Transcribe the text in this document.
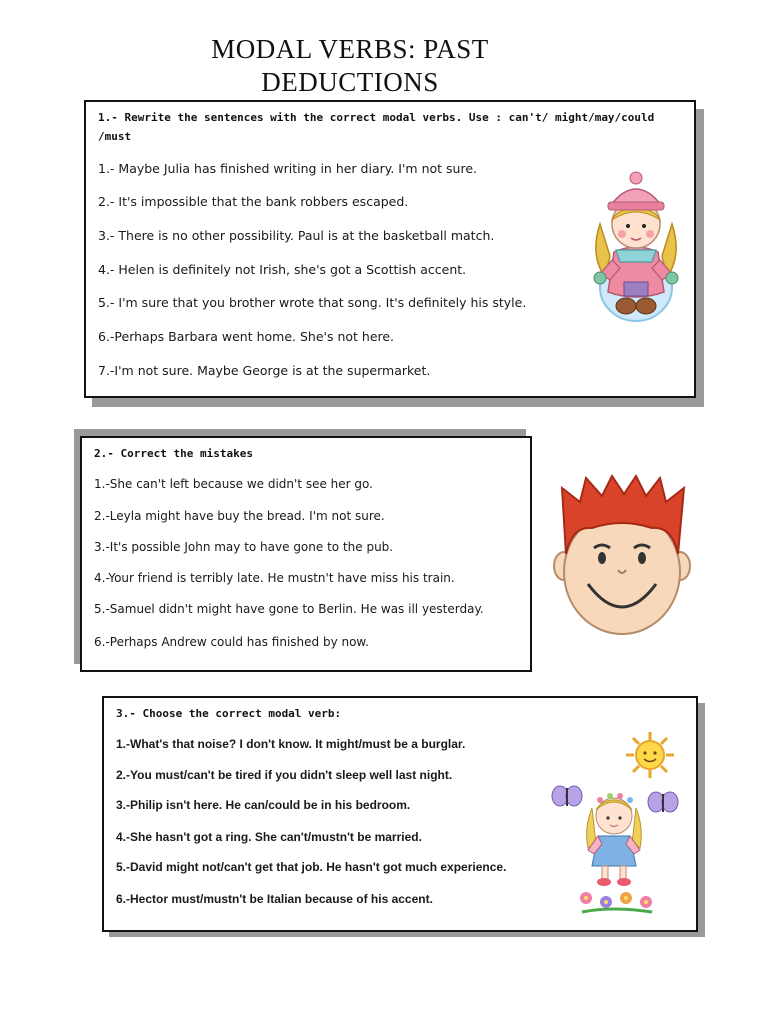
MODAL VERBS: PAST
DEDUCTIONS
1.- Rewrite the sentences with the correct modal verbs. Use : can't/ might/may/could
/must
1.- Maybe Julia has finished writing in her diary. I'm not sure.
2.- It's impossible that the bank robbers escaped.
3.- There is no other possibility. Paul is at the basketball match.
4.- Helen is definitely not Irish, she's got a Scottish accent.
5.- I'm sure that you brother wrote that song. It's definitely his style.
6.-Perhaps Barbara went home. She's not here.
7.-I'm not sure. Maybe George is at the supermarket.
2.- Correct the mistakes
1.-She can't left because we didn't see her go.
2.-Leyla might have buy the bread. I'm not sure.
3.-It's possible John may to have gone to the pub.
4.-Your friend is terribly late. He mustn't have miss his train.
5.-Samuel didn't might have gone to Berlin. He was ill yesterday.
6.-Perhaps Andrew could has finished by now.
3.- Choose the correct modal verb:
1.-What's that noise? I don't know. It might/must be a burglar.
2.-You must/can't be tired if you didn't sleep well last night.
3.-Philip isn't here. He can/could be in his bedroom.
4.-She hasn't got a ring. She can't/mustn't be married.
5.-David might not/can't get that job. He hasn't got much experience.
6.-Hector must/mustn't be Italian because of his accent.
